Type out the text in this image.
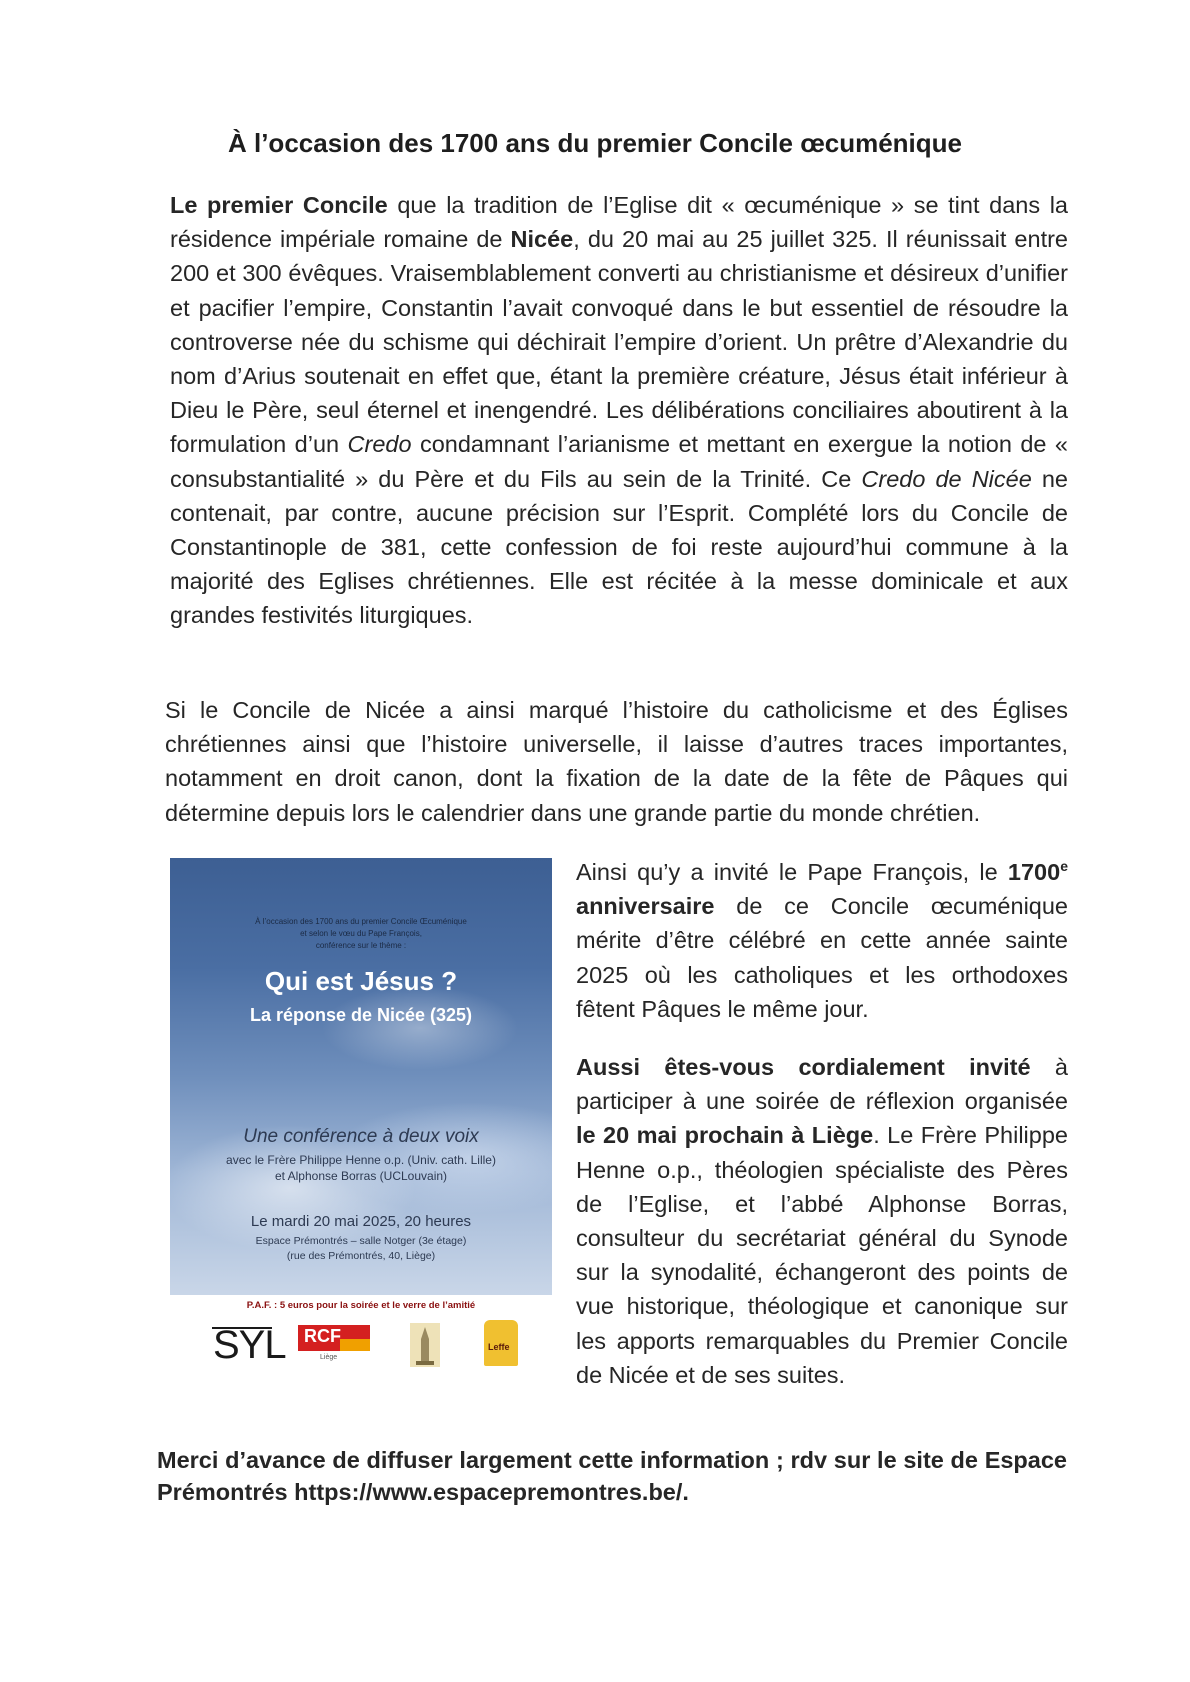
À l’occasion des 1700 ans du premier Concile œcuménique

Le premier Concile que la tradition de l’Eglise dit « œcuménique » se tint dans la résidence impériale romaine de Nicée, du 20 mai au 25 juillet 325. Il réunissait entre 200 et 300 évêques. Vraisemblablement converti au christianisme et désireux d’unifier et pacifier l’empire, Constantin l’avait convoqué dans le but essentiel de résoudre la controverse née du schisme qui déchirait l’empire d’orient. Un prêtre d’Alexandrie du nom d’Arius soutenait en effet que, étant la première créature, Jésus était inférieur à Dieu le Père, seul éternel et inengendré. Les délibérations conciliaires aboutirent à la formulation d’un Credo condamnant l’arianisme et mettant en exergue la notion de « consubstantialité » du Père et du Fils au sein de la Trinité. Ce Credo de Nicée ne contenait, par contre, aucune précision sur l’Esprit. Complété lors du Concile de Constantinople de 381, cette confession de foi reste aujourd’hui commune à la majorité des Eglises chrétiennes. Elle est récitée à la messe dominicale et aux grandes festivités liturgiques.

Si le Concile de Nicée a ainsi marqué l’histoire du catholicisme et des Églises chrétiennes ainsi que l’histoire universelle, il laisse d’autres traces importantes, notamment en droit canon, dont la fixation de la date de la fête de Pâques qui détermine depuis lors le calendrier dans une grande partie du monde chrétien.

À l’occasion des 1700 ans du premier Concile Œcuménique
et selon le vœu du Pape François,
conférence sur le thème :
Qui est Jésus ?
La réponse de Nicée (325)
Une conférence à deux voix
avec le Frère Philippe Henne o.p. (Univ. cath. Lille)
et Alphonse Borras (UCLouvain)
Le mardi 20 mai 2025, 20 heures
Espace Prémontrés – salle Notger (3e étage)
(rue des Prémontrés, 40, Liège)
P.A.F. : 5 euros pour la soirée et le verre de l’amitié
SYL RCF
Liège
Leffe

Ainsi qu’y a invité le Pape François, le 1700e anniversaire de ce Concile œcuménique mérite d’être célébré en cette année sainte 2025 où les catholiques et les orthodoxes fêtent Pâques le même jour.

Aussi êtes-vous cordialement invité à participer à une soirée de réflexion organisée le 20 mai prochain à Liège. Le Frère Philippe Henne o.p., théologien spécialiste des Pères de l’Eglise, et l’abbé Alphonse Borras, consulteur du secrétariat général du Synode sur la synodalité, échangeront des points de vue historique, théologique et canonique sur les apports remarquables du Premier Concile de Nicée et de ses suites.

Merci d’avance de diffuser largement cette information ; rdv sur le site de Espace Prémontrés https://www.espacepremontres.be/.
